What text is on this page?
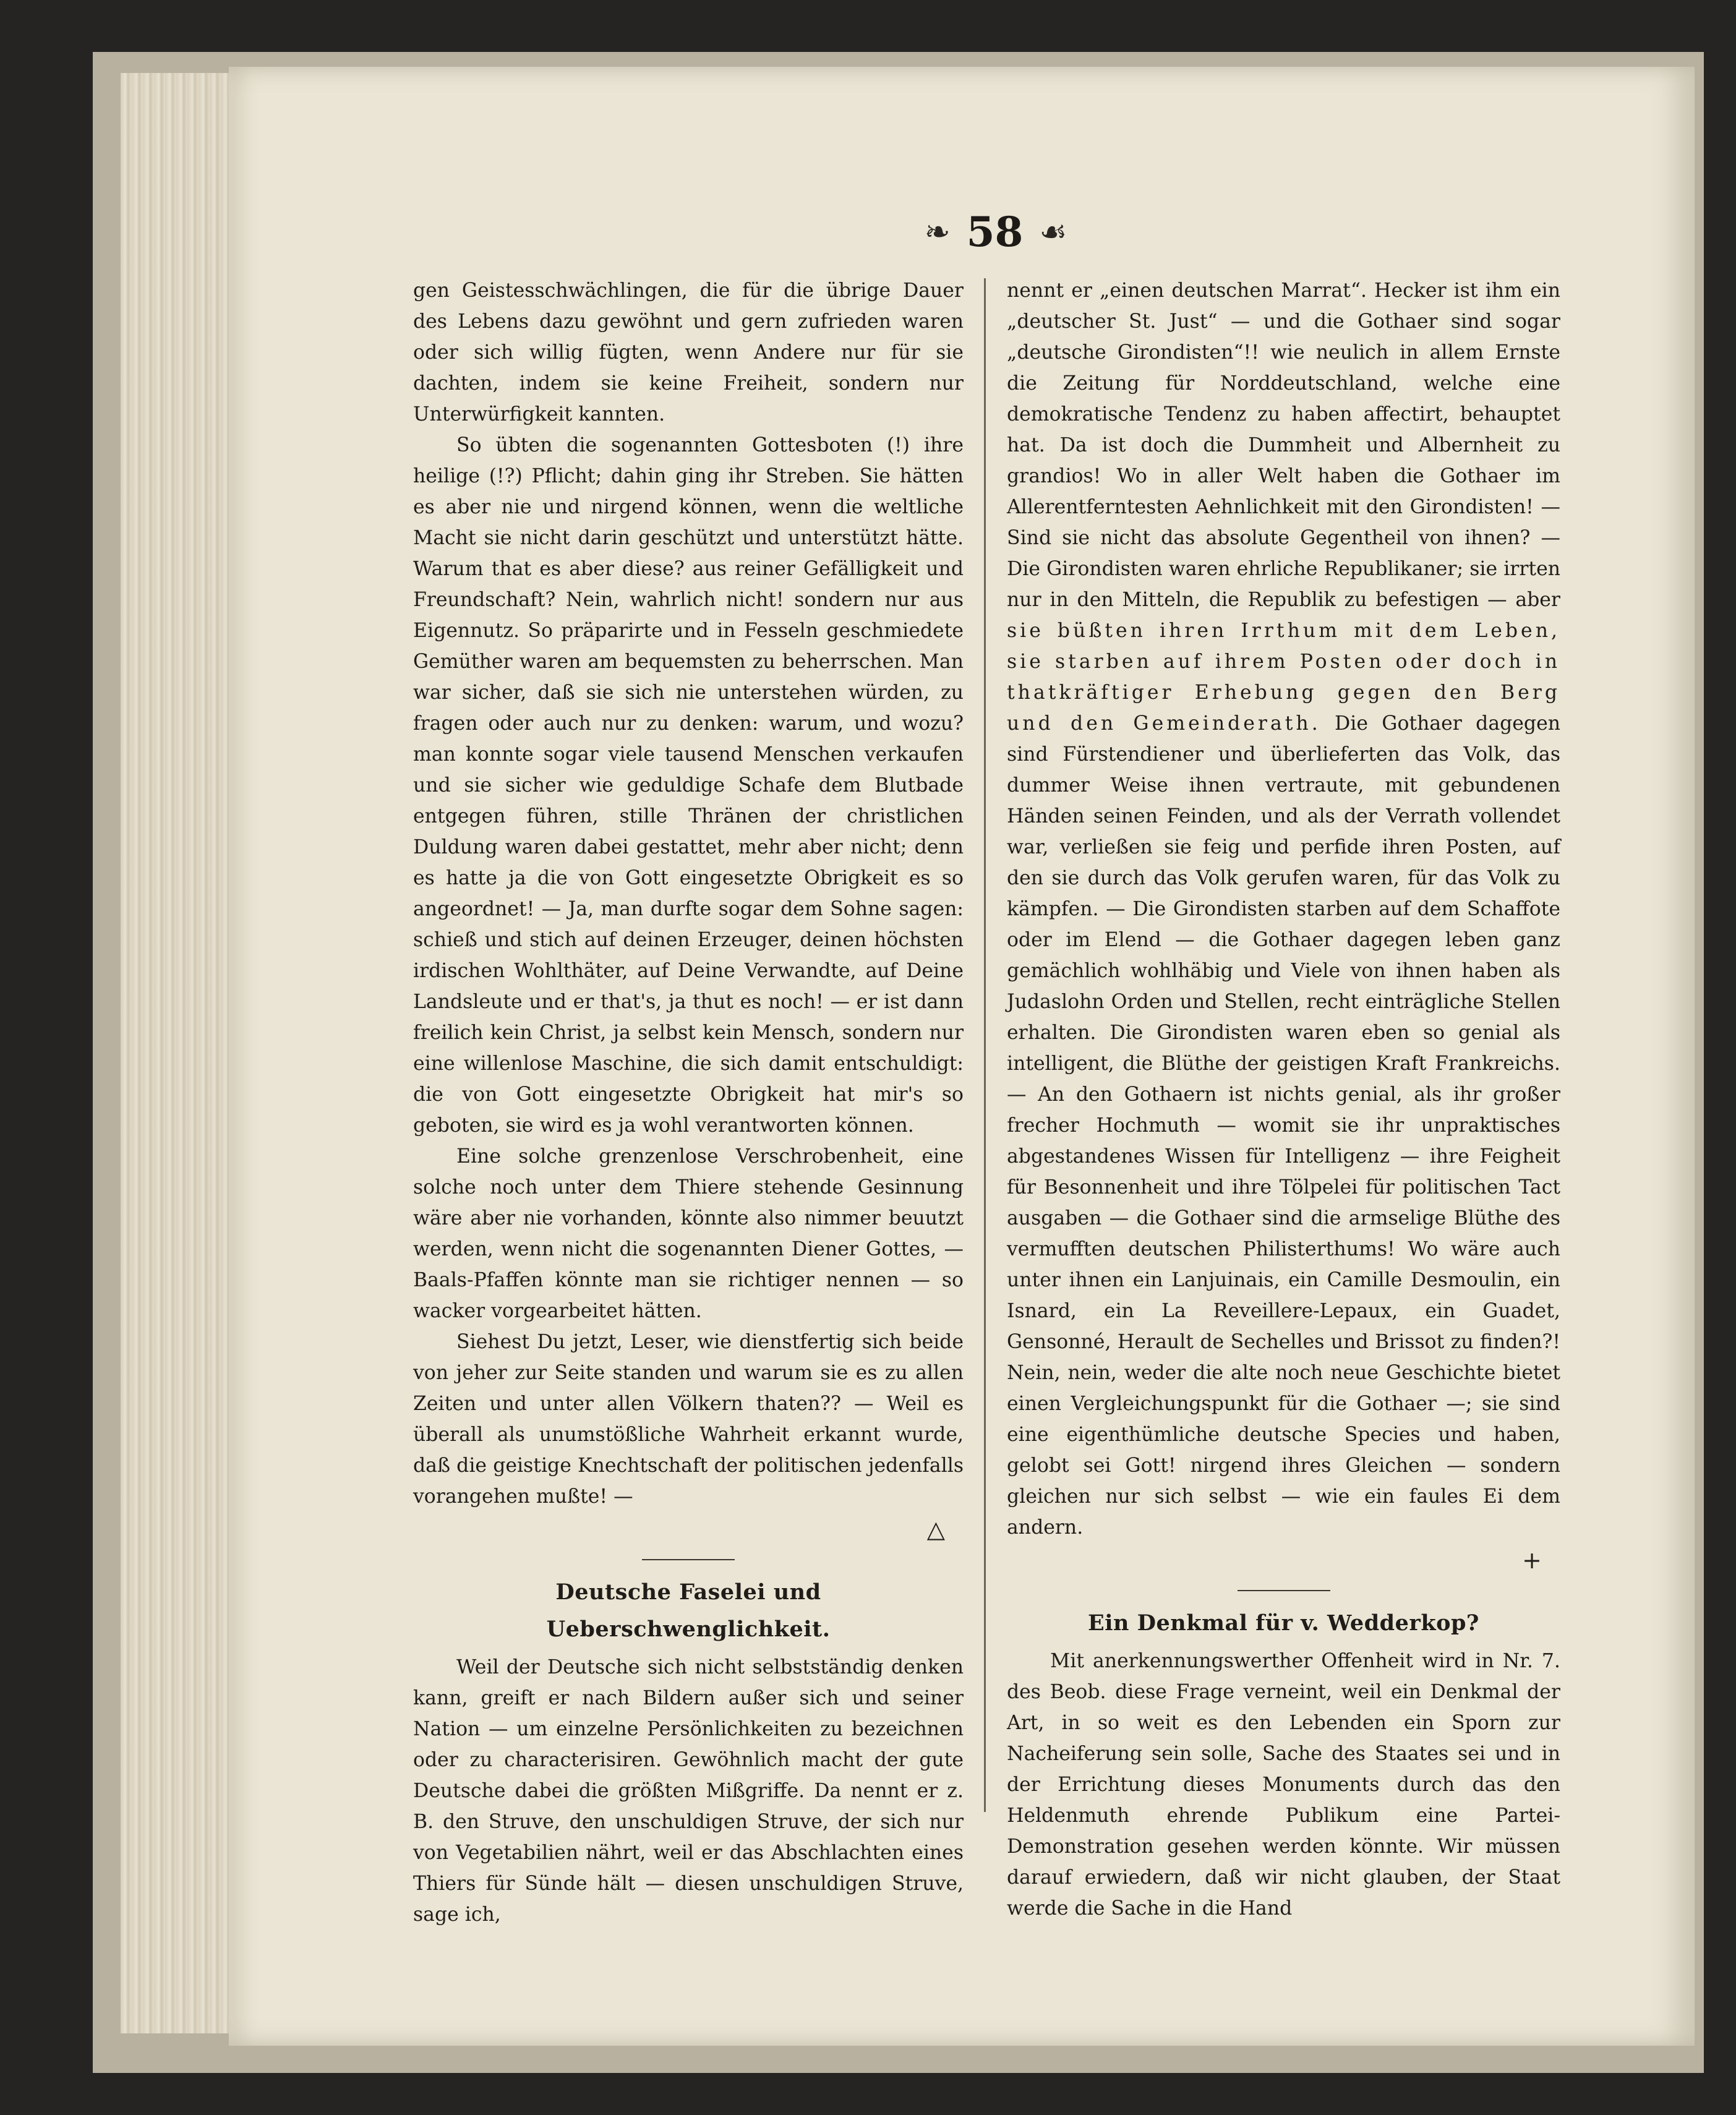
❧ 58 ☙

gen Geistesschwächlingen, die für die übrige Dauer des Lebens dazu gewöhnt und gern zufrieden waren oder sich willig fügten, wenn Andere nur für sie dachten, indem sie keine Freiheit, sondern nur Unterwürfigkeit kannten.

So übten die sogenannten Gottesboten (!) ihre heilige (!?) Pflicht; dahin ging ihr Streben. Sie hätten es aber nie und nirgend können, wenn die weltliche Macht sie nicht darin geschützt und unterstützt hätte. Warum that es aber diese? aus reiner Gefälligkeit und Freundschaft? Nein, wahrlich nicht! sondern nur aus Eigennutz. So präparirte und in Fesseln geschmiedete Gemüther waren am bequemsten zu beherrschen. Man war sicher, daß sie sich nie unterstehen würden, zu fragen oder auch nur zu denken: warum, und wozu? man konnte sogar viele tausend Menschen verkaufen und sie sicher wie geduldige Schafe dem Blutbade entgegen führen, stille Thränen der christlichen Duldung waren dabei gestattet, mehr aber nicht; denn es hatte ja die von Gott eingesetzte Obrigkeit es so angeordnet! — Ja, man durfte sogar dem Sohne sagen: schieß und stich auf deinen Erzeuger, deinen höchsten irdischen Wohlthäter, auf Deine Verwandte, auf Deine Landsleute und er that's, ja thut es noch! — er ist dann freilich kein Christ, ja selbst kein Mensch, sondern nur eine willenlose Maschine, die sich damit entschuldigt: die von Gott eingesetzte Obrigkeit hat mir's so geboten, sie wird es ja wohl verantworten können.

Eine solche grenzenlose Verschrobenheit, eine solche noch unter dem Thiere stehende Gesinnung wäre aber nie vorhanden, könnte also nimmer beuutzt werden, wenn nicht die sogenannten Diener Gottes, — Baals-Pfaffen könnte man sie richtiger nennen — so wacker vorgearbeitet hätten.

Siehest Du jetzt, Leser, wie dienstfertig sich beide von jeher zur Seite standen und warum sie es zu allen Zeiten und unter allen Völkern thaten?? — Weil es überall als unumstößliche Wahrheit erkannt wurde, daß die geistige Knechtschaft der politischen jedenfalls vorangehen mußte! —

△
Deutsche Faselei und Ueberschwenglichkeit.

Weil der Deutsche sich nicht selbstständig denken kann, greift er nach Bildern außer sich und seiner Nation — um einzelne Persönlichkeiten zu bezeichnen oder zu characterisiren. Gewöhnlich macht der gute Deutsche dabei die größten Mißgriffe. Da nennt er z. B. den Struve, den unschuldigen Struve, der sich nur von Vegetabilien nährt, weil er das Abschlachten eines Thiers für Sünde hält — diesen unschuldigen Struve, sage ich,

nennt er „einen deutschen Marrat“. Hecker ist ihm ein „deutscher St. Just“ — und die Gothaer sind sogar „deutsche Girondisten“!! wie neulich in allem Ernste die Zeitung für Norddeutschland, welche eine demokratische Tendenz zu haben affectirt, behauptet hat. Da ist doch die Dummheit und Albernheit zu grandios! Wo in aller Welt haben die Gothaer im Allerentferntesten Aehnlichkeit mit den Girondisten! — Sind sie nicht das absolute Gegentheil von ihnen? — Die Girondisten waren ehrliche Republikaner; sie irrten nur in den Mitteln, die Republik zu befestigen — aber sie büßten ihren Irrthum mit dem Leben, sie starben auf ihrem Posten oder doch in thatkräftiger Erhebung gegen den Berg und den Gemeinderath. Die Gothaer dagegen sind Fürstendiener und überlieferten das Volk, das dummer Weise ihnen vertraute, mit gebundenen Händen seinen Feinden, und als der Verrath vollendet war, verließen sie feig und perfide ihren Posten, auf den sie durch das Volk gerufen waren, für das Volk zu kämpfen. — Die Girondisten starben auf dem Schaffote oder im Elend — die Gothaer dagegen leben ganz gemächlich wohlhäbig und Viele von ihnen haben als Judaslohn Orden und Stellen, recht einträgliche Stellen erhalten. Die Girondisten waren eben so genial als intelligent, die Blüthe der geistigen Kraft Frankreichs. — An den Gothaern ist nichts genial, als ihr großer frecher Hochmuth — womit sie ihr unpraktisches abgestandenes Wissen für Intelligenz — ihre Feigheit für Besonnenheit und ihre Tölpelei für politischen Tact ausgaben — die Gothaer sind die armselige Blüthe des vermufften deutschen Philisterthums! Wo wäre auch unter ihnen ein Lanjuinais, ein Camille Desmoulin, ein Isnard, ein La Reveillere-Lepaux, ein Guadet, Gensonné, Herault de Sechelles und Brissot zu finden?! Nein, nein, weder die alte noch neue Geschichte bietet einen Vergleichungspunkt für die Gothaer —; sie sind eine eigenthümliche deutsche Species und haben, gelobt sei Gott! nirgend ihres Gleichen — sondern gleichen nur sich selbst — wie ein faules Ei dem andern.

+
Ein Denkmal für v. Wedderkop?

Mit anerkennungswerther Offenheit wird in Nr. 7. des Beob. diese Frage verneint, weil ein Denkmal der Art, in so weit es den Lebenden ein Sporn zur Nacheiferung sein solle, Sache des Staates sei und in der Errichtung dieses Monuments durch das den Heldenmuth ehrende Publikum eine Partei-Demonstration gesehen werden könnte. Wir müssen darauf erwiedern, daß wir nicht glauben, der Staat werde die Sache in die Hand
